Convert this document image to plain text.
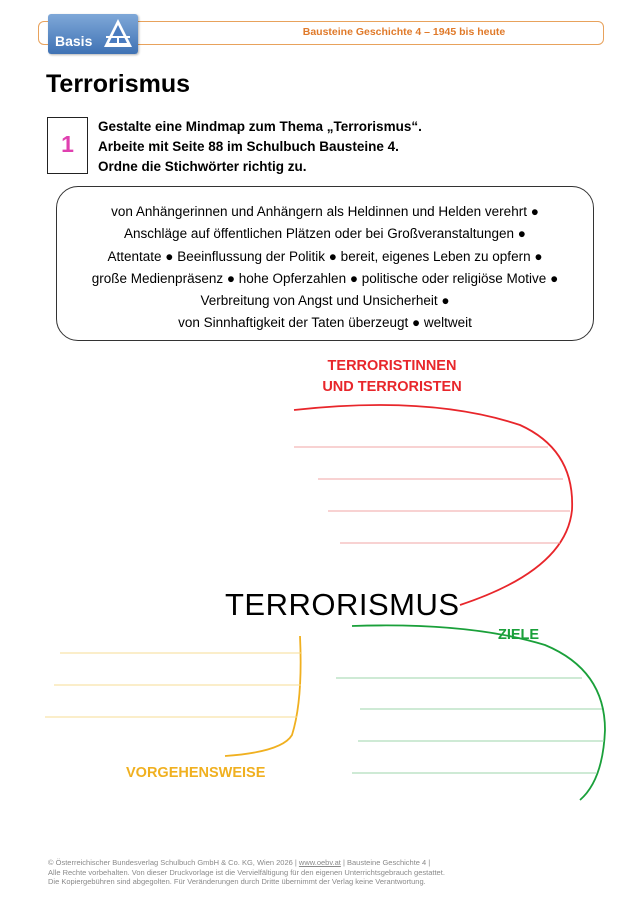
Bausteine Geschichte 4 – 1945 bis heute
Basis
Terrorismus
1
Gestalte eine Mindmap zum Thema „Terrorismus“.
Arbeite mit Seite 88 im Schulbuch Bausteine 4.
Ordne die Stichwörter richtig zu.
von Anhängerinnen und Anhängern als Heldinnen und Helden verehrt ●
Anschläge auf öffentlichen Plätzen oder bei Großveranstaltungen ●
Attentate ● Beeinflussung der Politik ● bereit, eigenes Leben zu opfern ●
große Medienpräsenz ● hohe Opferzahlen ● politische oder religiöse Motive ●
Verbreitung von Angst und Unsicherheit ●
von Sinnhaftigkeit der Taten überzeugt ● weltweit
TERRORISMUS
TERRORISTINNEN
UND TERRORISTEN
ZIELE
VORGEHENSWEISE
© Österreichischer Bundesverlag Schulbuch GmbH & Co. KG, Wien 2026 | www.oebv.at | Bausteine Geschichte 4 |
Alle Rechte vorbehalten. Von dieser Druckvorlage ist die Vervielfältigung für den eigenen Unterrichtsgebrauch gestattet.
Die Kopiergebühren sind abgegolten. Für Veränderungen durch Dritte übernimmt der Verlag keine Verantwortung.
